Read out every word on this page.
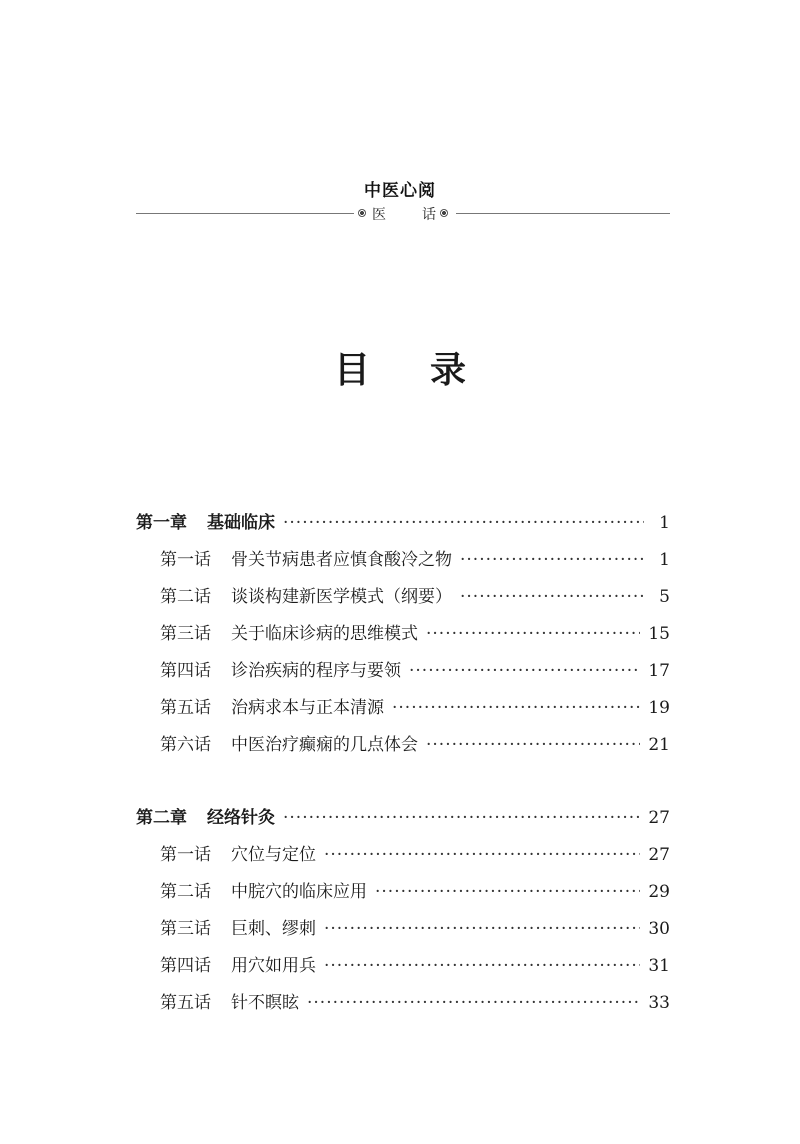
中医心阅
医	话
目 录
第一章 基础临床 ·····	1
第一话 骨关节病患者应慎食酸冷之物 ·····	1
第二话 谈谈构建新医学模式（纲要） ·····	5
第三话 关于临床诊病的思维模式 ·····	15
第四话 诊治疾病的程序与要领 ·····	17
第五话 治病求本与正本清源 ·····	19
第六话 中医治疗癫痫的几点体会 ·····	21
第二章 经络针灸 ·····	27
第一话 穴位与定位 ·····	27
第二话 中脘穴的临床应用 ·····	29
第三话 巨刺、缪刺 ·····	30
第四话 用穴如用兵 ·····	31
第五话 针不瞑眩 ·····	33
